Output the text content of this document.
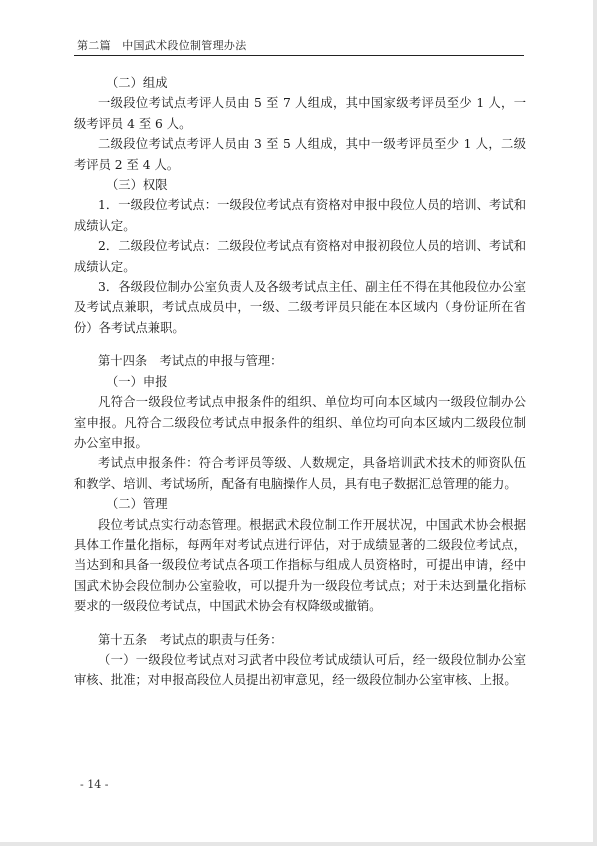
第二篇　中国武术段位制管理办法

（二）组成

一级段位考试点考评人员由 5 至 7 人组成，其中国家级考评员至少 1 人，一级考评员 4 至 6 人。

二级段位考试点考评人员由 3 至 5 人组成，其中一级考评员至少 1 人，二级考评员 2 至 4 人。

（三）权限

1．一级段位考试点：一级段位考试点有资格对申报中段位人员的培训、考试和成绩认定。

2．二级段位考试点：二级段位考试点有资格对申报初段位人员的培训、考试和成绩认定。

3．各级段位制办公室负责人及各级考试点主任、副主任不得在其他段位办公室及考试点兼职，考试点成员中，一级、二级考评员只能在本区域内（身份证所在省份）各考试点兼职。

第十四条　考试点的申报与管理：

（一）申报

凡符合一级段位考试点申报条件的组织、单位均可向本区域内一级段位制办公室申报。凡符合二级段位考试点申报条件的组织、单位均可向本区域内二级段位制办公室申报。

考试点申报条件：符合考评员等级、人数规定，具备培训武术技术的师资队伍和教学、培训、考试场所，配备有电脑操作人员，具有电子数据汇总管理的能力。

（二）管理

段位考试点实行动态管理。根据武术段位制工作开展状况，中国武术协会根据具体工作量化指标，每两年对考试点进行评估，对于成绩显著的二级段位考试点，当达到和具备一级段位考试点各项工作指标与组成人员资格时，可提出申请，经中国武术协会段位制办公室验收，可以提升为一级段位考试点；对于未达到量化指标要求的一级段位考试点，中国武术协会有权降级或撤销。

第十五条　考试点的职责与任务：

（一）一级段位考试点对习武者中段位考试成绩认可后，经一级段位制办公室审核、批准；对申报高段位人员提出初审意见，经一级段位制办公室审核、上报。

- 14 -
